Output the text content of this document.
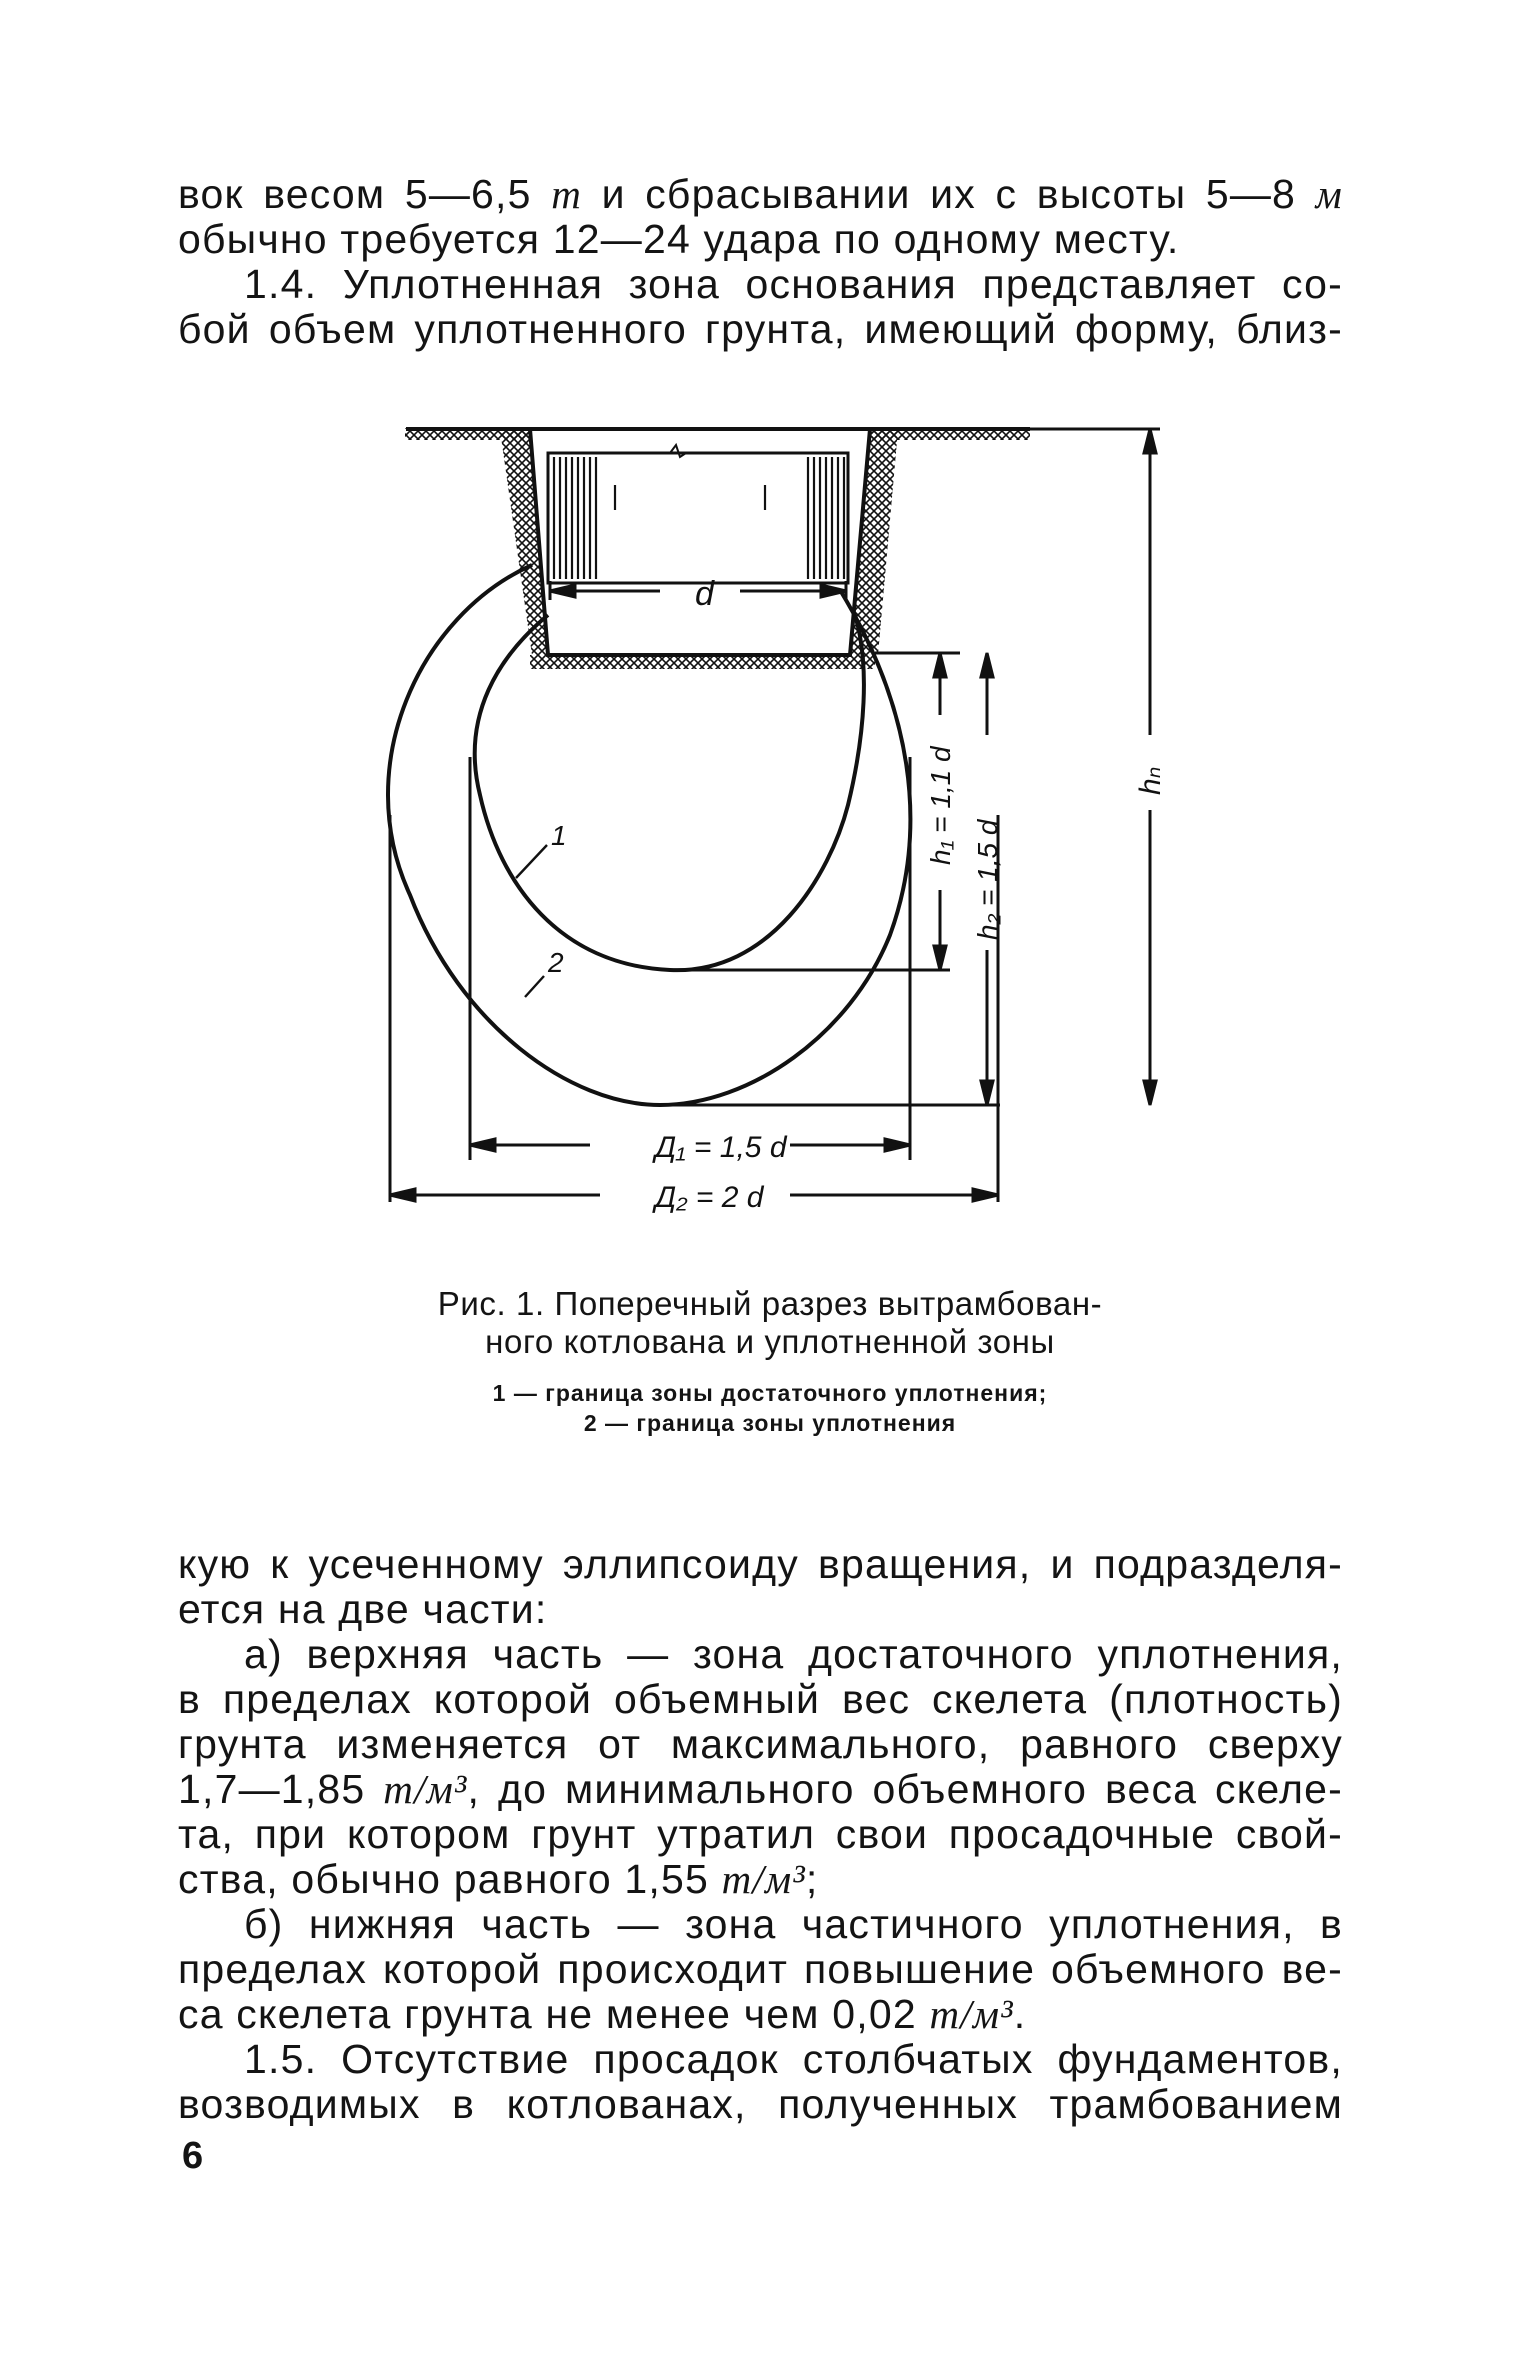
вок весом 5—6,5 т и сбрасывании их с высоты 5—8 м
обычно требуется 12—24 удара по одному месту.
1.4. Уплотненная зона основания представляет со-
бой объем уплотненного грунта, имеющий форму, близ-
d
1
2
h₁ = 1,1 d
h₂ = 1,5 d
hₙ
Д₁ = 1,5 d
Д₂ = 2 d
Рис. 1. Поперечный разрез вытрамбован-
ного котлована и уплотненной зоны
1 — граница зоны достаточного уплотнения;
2 — граница зоны уплотнения
кую к усеченному эллипсоиду вращения, и подразделя-
ется на две части:
а) верхняя часть — зона достаточного уплотнения,
в пределах которой объемный вес скелета (плотность)
грунта изменяется от максимального, равного сверху
1,7—1,85 т/м³, до минимального объемного веса скеле-
та, при котором грунт утратил свои просадочные свой-
ства, обычно равного 1,55 т/м³;
б) нижняя часть — зона частичного уплотнения, в
пределах которой происходит повышение объемного ве-
са скелета грунта не менее чем 0,02 т/м³.
1.5. Отсутствие просадок столбчатых фундаментов,
возводимых в котлованах, полученных трамбованием
6
